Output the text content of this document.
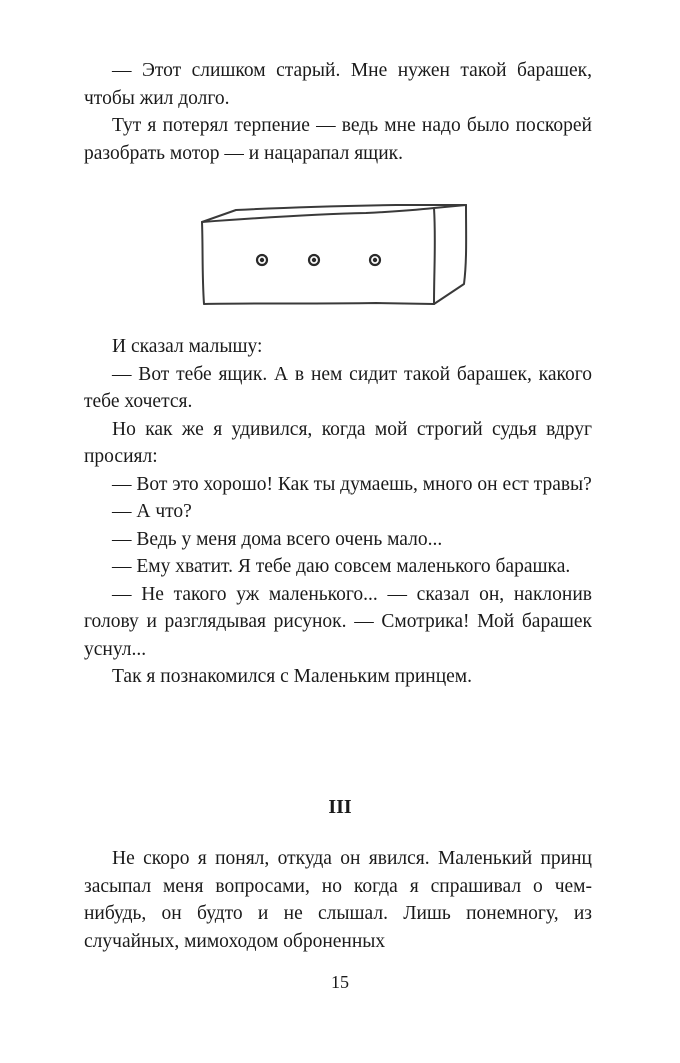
— Этот слишком старый. Мне нужен такой барашек, чтобы жил долго.

Тут я потерял терпение — ведь мне надо было поскорей разобрать мотор — и нацарапал ящик.

И сказал малышу:

— Вот тебе ящик. А в нем сидит такой барашек, какого тебе хочется.

Но как же я удивился, когда мой строгий судья вдруг просиял:

— Вот это хорошо! Как ты думаешь, много он ест травы?

— А что?

— Ведь у меня дома всего очень мало...

— Ему хватит. Я тебе даю совсем маленького барашка.

— Не такого уж маленького... — сказал он, наклонив голову и разглядывая рисунок. — Смотрика! Мой барашек уснул...

Так я познакомился с Маленьким принцем.

III

Не скоро я понял, откуда он явился. Маленький принц засыпал меня вопросами, но когда я спрашивал о чем-нибудь, он будто и не слышал. Лишь понемногу, из случайных, мимоходом оброненных

15
